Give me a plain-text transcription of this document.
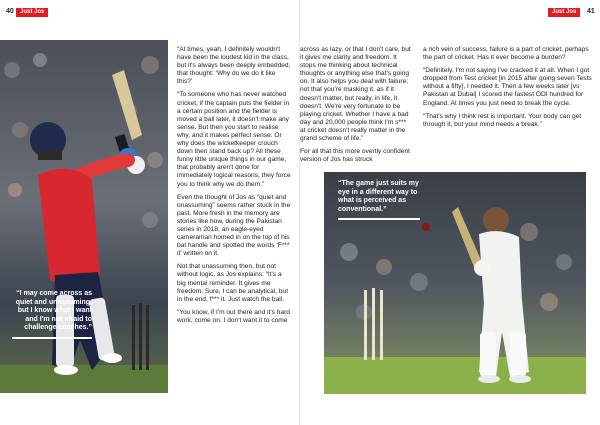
40	Just Jos
“I may come across as quiet and unassuming, but I know what I want and I'm not afraid to challenge coaches.”

“At times, yeah. I definitely wouldn't have been the loudest kid in the class, but it's always been deeply embedded, that thought: ‘Why do we do it like this?’

“To someone who has never watched cricket, if the captain puts the fielder in a certain position and the fielder is moved a ball later, it doesn't make any sense. But then you start to realise why, and it makes perfect sense. Or why does the wicketkeeper crouch down then stand back up? All these funny little unique things in our game, that probably aren't done for immediately logical reasons, they force you to think why we do them.”

Even the thought of Jos as “quiet and unassuming” seems rather stuck in the past. More fresh in the memory are stories like how, during the Pakistan series in 2018, an eagle-eyed cameraman homed in on the top of his bat handle and spotted the words ‘F*** it’ written on it.

Not that unassuming then, but not without logic, as Jos explains: “It's a big mental reminder. It gives me freedom. Sure, I can be analytical, but in the end, f*** it. Just watch the ball.

“You know, if I'm out there and it's hard work, come on. I don't want it to come

Just Jos	41

across as lazy, or that I don't care, but it gives me clarity and freedom. It stops me thinking about technical thoughts or anything else that's going on. It also helps you deal with failure; not that you're masking it, as if it doesn't matter, but really, in life, it doesn't. We're very fortunate to be playing cricket. Whether I have a bad day and 20,000 people think I'm s*** at cricket doesn't really matter in the grand scheme of life.”

For all that this more overtly confident version of Jos has struck

a rich vein of success, failure is a part of cricket, perhaps the part of cricket. Has it ever become a burden?

“Definitely. I'm not saying I've cracked it at all. When I got dropped from Test cricket [in 2015 after going seven Tests without a fifty], I needed it. Then a few weeks later [vs Pakistan at Dubai] I scored the fastest ODI hundred for England. At times you just need to break the cycle.

“That's why I think rest is important. Your body can get through it, but your mind needs a break.”

“The game just suits my eye in a different way to what is perceived as conventional.”
